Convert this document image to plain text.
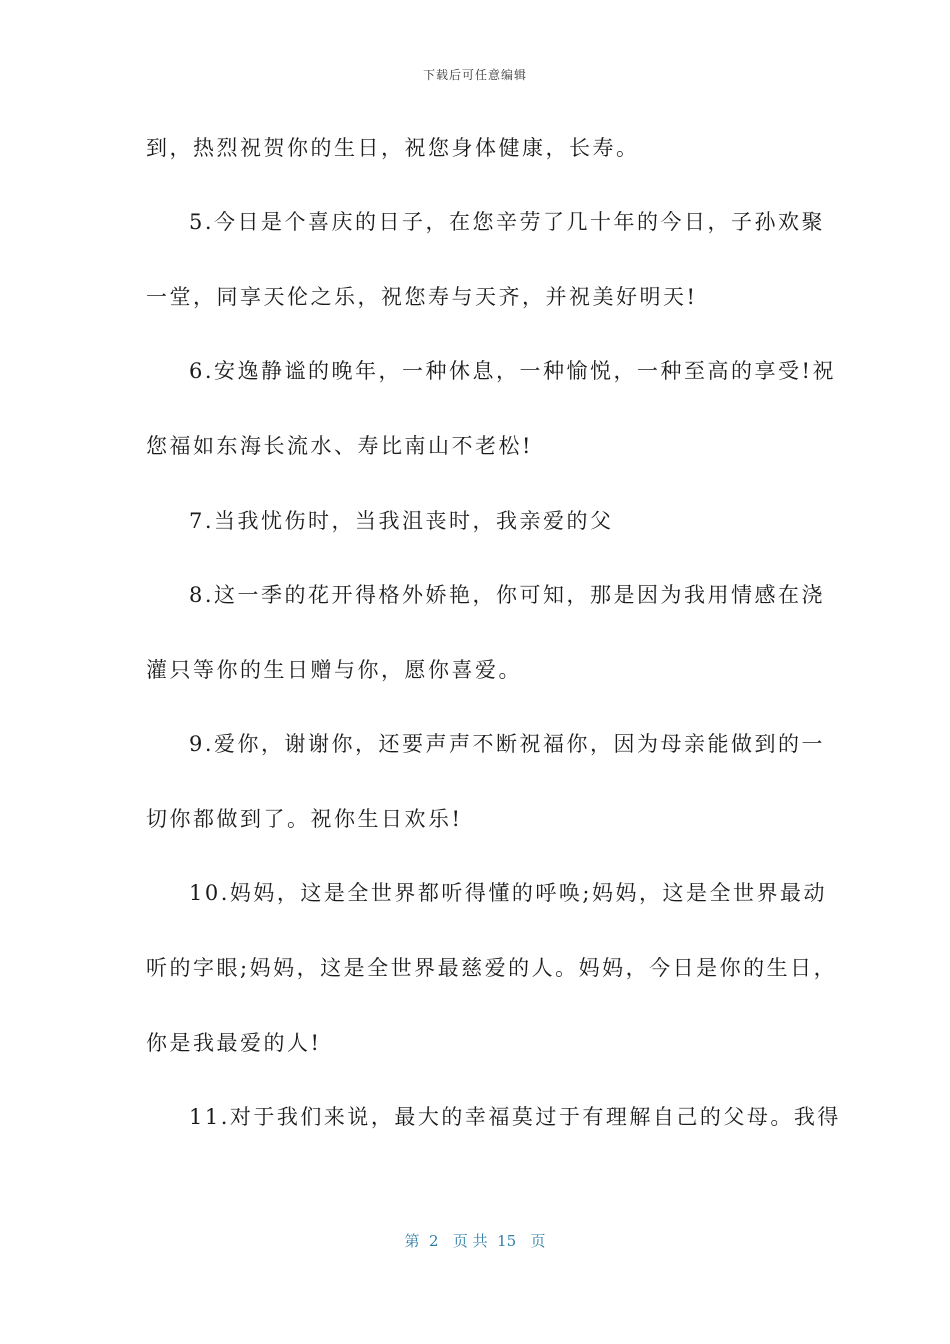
下载后可任意编辑
到，热烈祝贺你的生日，祝您身体健康，长寿。
5.今日是个喜庆的日子，在您辛劳了几十年的今日，子孙欢聚
一堂，同享天伦之乐，祝您寿与天齐，并祝美好明天!
6.安逸静谧的晚年，一种休息，一种愉悦，一种至高的享受!祝
您福如东海长流水、寿比南山不老松!
7.当我忧伤时，当我沮丧时，我亲爱的父
8.这一季的花开得格外娇艳，你可知，那是因为我用情感在浇
灌只等你的生日赠与你，愿你喜爱。
9.爱你，谢谢你，还要声声不断祝福你，因为母亲能做到的一
切你都做到了。祝你生日欢乐!
10.妈妈，这是全世界都听得懂的呼唤;妈妈，这是全世界最动
听的字眼;妈妈，这是全世界最慈爱的人。妈妈，今日是你的生日，
你是我最爱的人!
11.对于我们来说，最大的幸福莫过于有理解自己的父母。我得
第  2   页 共  15   页
